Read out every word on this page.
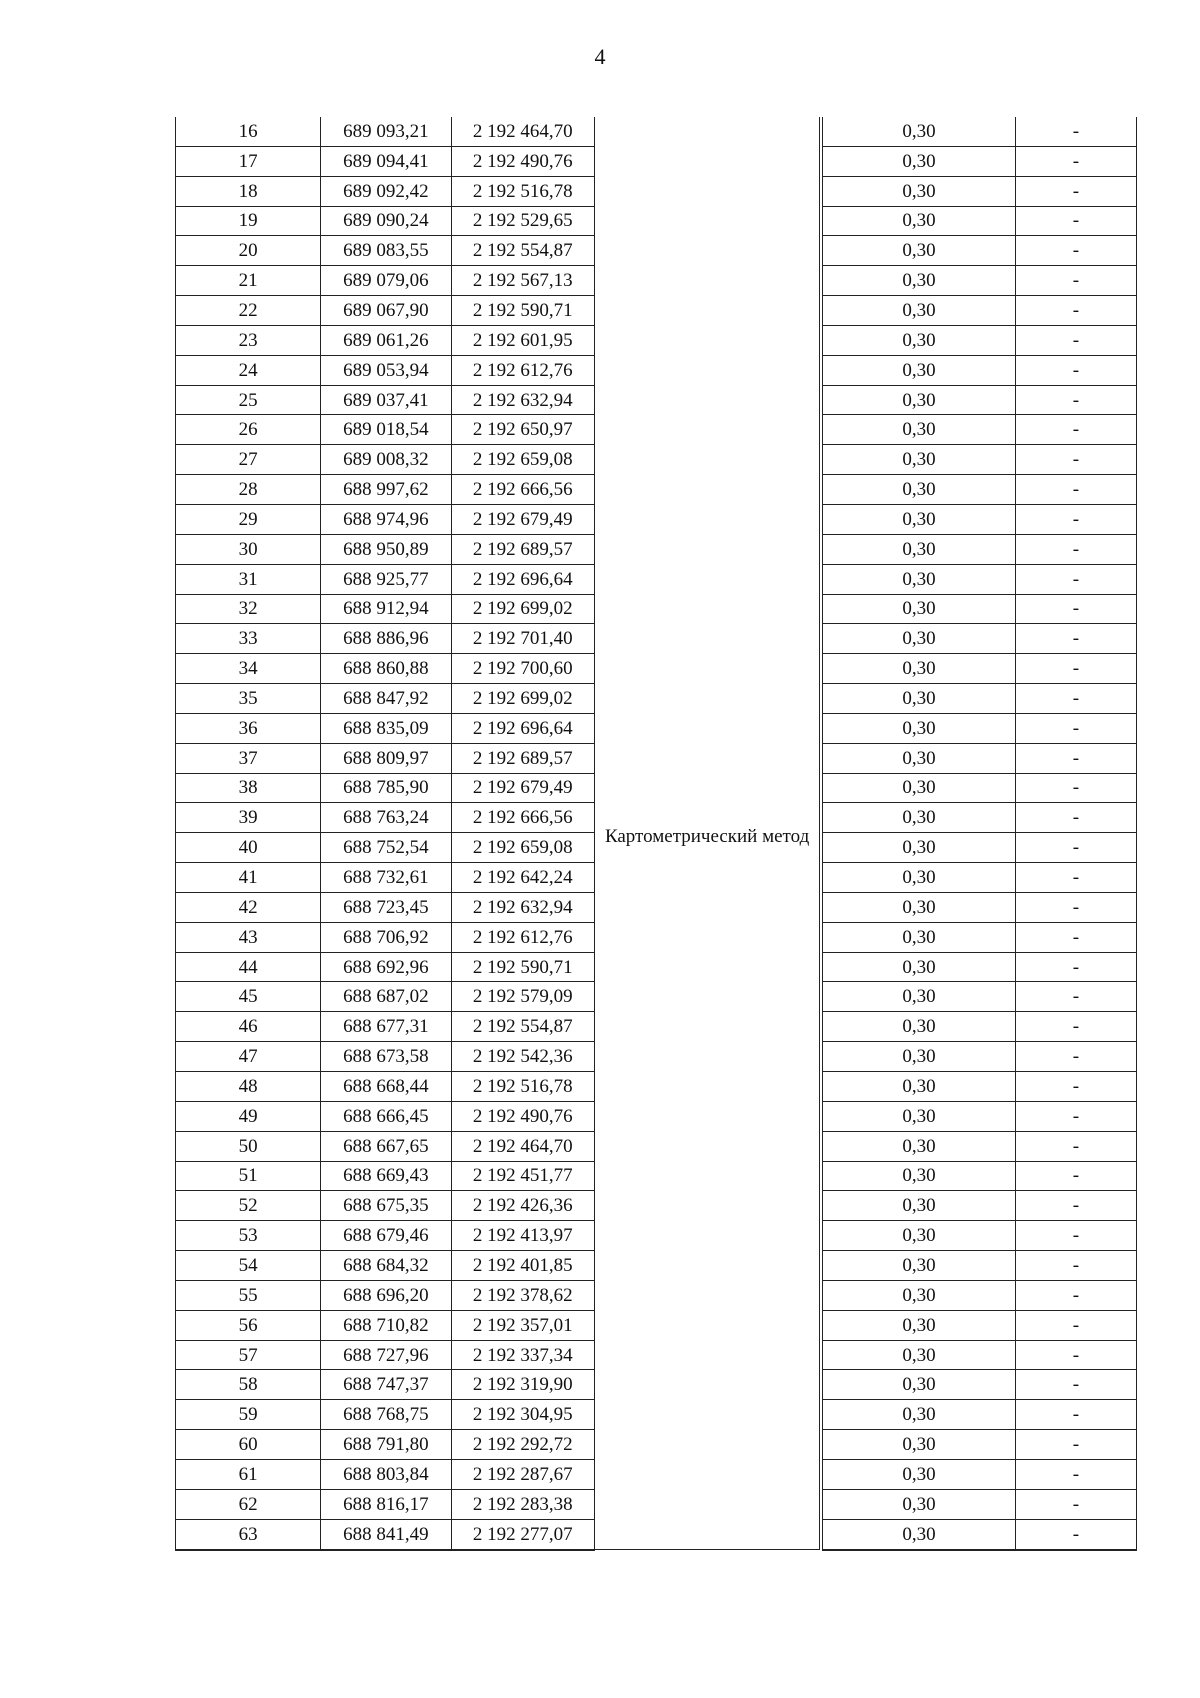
4
16	689 093,21	2 192 464,70	Картометрический метод		0,30	-
17	689 094,41	2 192 490,76			0,30	-
18	689 092,42	2 192 516,78			0,30	-
19	689 090,24	2 192 529,65			0,30	-
20	689 083,55	2 192 554,87			0,30	-
21	689 079,06	2 192 567,13			0,30	-
22	689 067,90	2 192 590,71			0,30	-
23	689 061,26	2 192 601,95			0,30	-
24	689 053,94	2 192 612,76			0,30	-
25	689 037,41	2 192 632,94			0,30	-
26	689 018,54	2 192 650,97			0,30	-
27	689 008,32	2 192 659,08			0,30	-
28	688 997,62	2 192 666,56			0,30	-
29	688 974,96	2 192 679,49			0,30	-
30	688 950,89	2 192 689,57			0,30	-
31	688 925,77	2 192 696,64			0,30	-
32	688 912,94	2 192 699,02			0,30	-
33	688 886,96	2 192 701,40			0,30	-
34	688 860,88	2 192 700,60			0,30	-
35	688 847,92	2 192 699,02			0,30	-
36	688 835,09	2 192 696,64			0,30	-
37	688 809,97	2 192 689,57			0,30	-
38	688 785,90	2 192 679,49			0,30	-
39	688 763,24	2 192 666,56			0,30	-
40	688 752,54	2 192 659,08			0,30	-
41	688 732,61	2 192 642,24			0,30	-
42	688 723,45	2 192 632,94			0,30	-
43	688 706,92	2 192 612,76			0,30	-
44	688 692,96	2 192 590,71			0,30	-
45	688 687,02	2 192 579,09			0,30	-
46	688 677,31	2 192 554,87			0,30	-
47	688 673,58	2 192 542,36			0,30	-
48	688 668,44	2 192 516,78			0,30	-
49	688 666,45	2 192 490,76			0,30	-
50	688 667,65	2 192 464,70			0,30	-
51	688 669,43	2 192 451,77			0,30	-
52	688 675,35	2 192 426,36			0,30	-
53	688 679,46	2 192 413,97			0,30	-
54	688 684,32	2 192 401,85			0,30	-
55	688 696,20	2 192 378,62			0,30	-
56	688 710,82	2 192 357,01			0,30	-
57	688 727,96	2 192 337,34			0,30	-
58	688 747,37	2 192 319,90			0,30	-
59	688 768,75	2 192 304,95			0,30	-
60	688 791,80	2 192 292,72			0,30	-
61	688 803,84	2 192 287,67			0,30	-
62	688 816,17	2 192 283,38			0,30	-
63	688 841,49	2 192 277,07			0,30	-
